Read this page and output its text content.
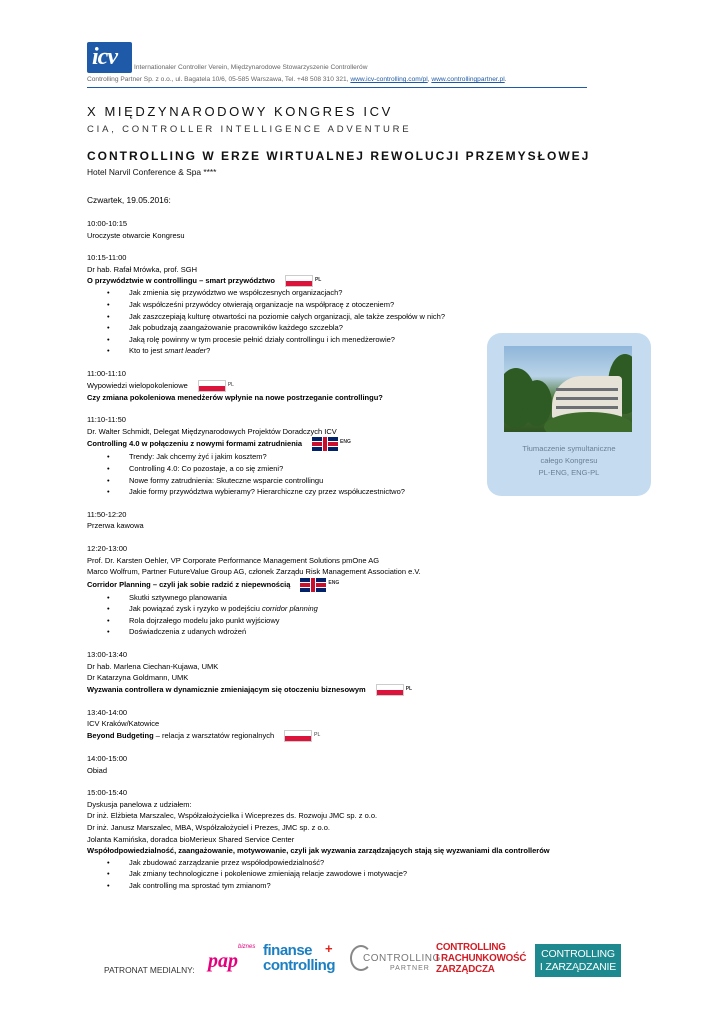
icv	Internationaler Controller Verein, Międzynarodowe Stowarzyszenie Controllerów
Controlling Partner Sp. z o.o., ul. Bagatela 10/6, 05-585 Warszawa, Tel. +48 508 310 321, www.icv-controlling.com/pl, www.controllingpartner.pl.
X MIĘDZYNARODOWY KONGRES ICV
CIA, CONTROLLER INTELLIGENCE ADVENTURE
CONTROLLING W ERZE WIRTUALNEJ REWOLUCJI PRZEMYSŁOWEJ
Hotel Narvil Conference & Spa ****
Czwartek, 19.05.2016:
10:00-10:15
Uroczyste otwarcie Kongresu
10:15-11:00
Dr hab. Rafał Mrówka, prof. SGH
O przywództwie w controllingu – smart przywództwo	$^{PL}$
• Jak zmienia się przywództwo we współczesnych organizacjach?
• Jak współcześni przywódcy otwierają organizacje na współpracę z otoczeniem?
• Jak zaszczepiają kulturę otwartości na poziomie całych organizacji, ale także zespołów w nich?
• Jak pobudzają zaangażowanie pracowników każdego szczebla?
• Jaką rolę powinny w tym procesie pełnić działy controllingu i ich menedżerowie?
• Kto to jest smart leader?
11:00-11:10
Wypowiedzi wielopokoleniowe	$^{PL}$
Czy zmiana pokoleniowa menedżerów wpłynie na nowe postrzeganie controllingu?
11:10-11:50
Dr. Walter Schmidt, Delegat Międzynarodowych Projektów Doradczych ICV
Controlling 4.0 w połączeniu z nowymi formami zatrudnienia	$^{ENG}$
• Trendy: Jak chcemy żyć i jakim kosztem?
• Controlling 4.0: Co pozostaje, a co się zmieni?
• Nowe formy zatrudnienia: Skuteczne wsparcie controllingu
• Jakie formy przywództwa wybieramy? Hierarchiczne czy przez współuczestnictwo?
11:50-12:20
Przerwa kawowa
12:20-13:00
Prof. Dr. Karsten Oehler, VP Corporate Performance Management Solutions pmOne AG
Marco Wolfrum, Partner FutureValue Group AG, członek Zarządu Risk Management Association e.V.
Corridor Planning – czyli jak sobie radzić z niepewnością	$^{ENG}$
• Skutki sztywnego planowania
• Jak powiązać zysk i ryzyko w podejściu corridor planning
• Rola dojrzałego modelu jako punkt wyjściowy
• Doświadczenia z udanych wdrożeń
13:00-13:40
Dr hab. Marlena Ciechan-Kujawa, UMK
Dr Katarzyna Goldmann, UMK
Wyzwania controllera w dynamicznie zmieniającym się otoczeniu biznesowym	$^{PL}$
13:40-14:00
ICV Kraków/Katowice
Beyond Budgeting – relacja z warsztatów regionalnych	$^{PL}$
14:00-15:00
Obiad
15:00-15:40
Dyskusja panelowa z udziałem:
Dr inż. Elżbieta Marszalec, Współzałożycielka i Wiceprezes ds. Rozwoju JMC sp. z o.o.
Dr inż. Janusz Marszalec, MBA, Współzałożyciel i Prezes, JMC sp. z o.o.
Jolanta Kamińska, doradca bioMerieux Shared Service Center
Współodpowiedzialność, zaangażowanie, motywowanie, czyli jak wyzwania zarządzających stają się wyzwaniami dla controllerów
• Jak zbudować zarządzanie przez współodpowiedzialność?
• Jak zmiany technologiczne i pokoleniowe zmieniają relacje zawodowe i motywacje?
• Jak controlling ma sprostać tym zmianom?
Tłumaczenie symultaniczne
całego Kongresu
PL-ENG, ENG-PL
PATRONAT MEDIALNY: pap
biznes finanse +
controlling	CONTROLLING
PARTNER
CONTROLLING
I RACHUNKOWOŚĆ
ZARZĄDCZA
CONTROLLING
I ZARZĄDZANIE
